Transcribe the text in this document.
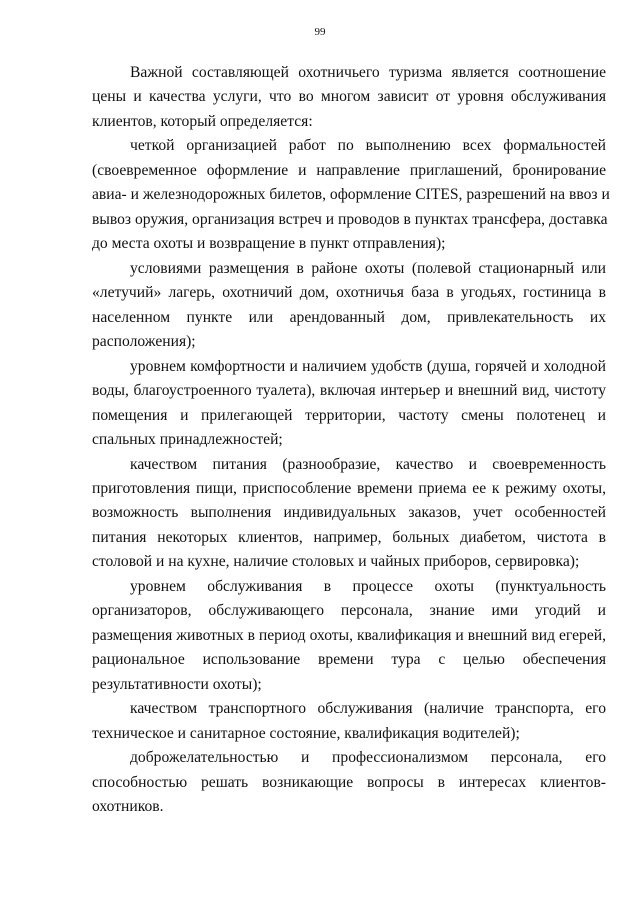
99
Важной составляющей охотничьего туризма является соотношение
цены и качества услуги, что во многом зависит от уровня обслуживания
клиентов, который определяется:
четкой организацией работ по выполнению всех формальностей
(своевременное оформление и направление приглашений, бронирование
авиа- и железнодорожных билетов, оформление CITES, разрешений на ввоз и
вывоз оружия, организация встреч и проводов в пунктах трансфера, доставка
до места охоты и возвращение в пункт отправления);
условиями размещения в районе охоты (полевой стационарный или
«летучий» лагерь, охотничий дом, охотничья база в угодьях, гостиница в
населенном пункте или арендованный дом, привлекательность их
расположения);
уровнем комфортности и наличием удобств (душа, горячей и холодной
воды, благоустроенного туалета), включая интерьер и внешний вид, чистоту
помещения и прилегающей территории, частоту смены полотенец и
спальных принадлежностей;
качеством питания (разнообразие, качество и своевременность
приготовления пищи, приспособление времени приема ее к режиму охоты,
возможность выполнения индивидуальных заказов, учет особенностей
питания некоторых клиентов, например, больных диабетом, чистота в
столовой и на кухне, наличие столовых и чайных приборов, сервировка);
уровнем обслуживания в процессе охоты (пунктуальность
организаторов, обслуживающего персонала, знание ими угодий и
размещения животных в период охоты, квалификация и внешний вид егерей,
рациональное использование времени тура с целью обеспечения
результативности охоты);
качеством транспортного обслуживания (наличие транспорта, его
техническое и санитарное состояние, квалификация водителей);
доброжелательностью и профессионализмом персонала, его
способностью решать возникающие вопросы в интересах клиентов-
охотников.
